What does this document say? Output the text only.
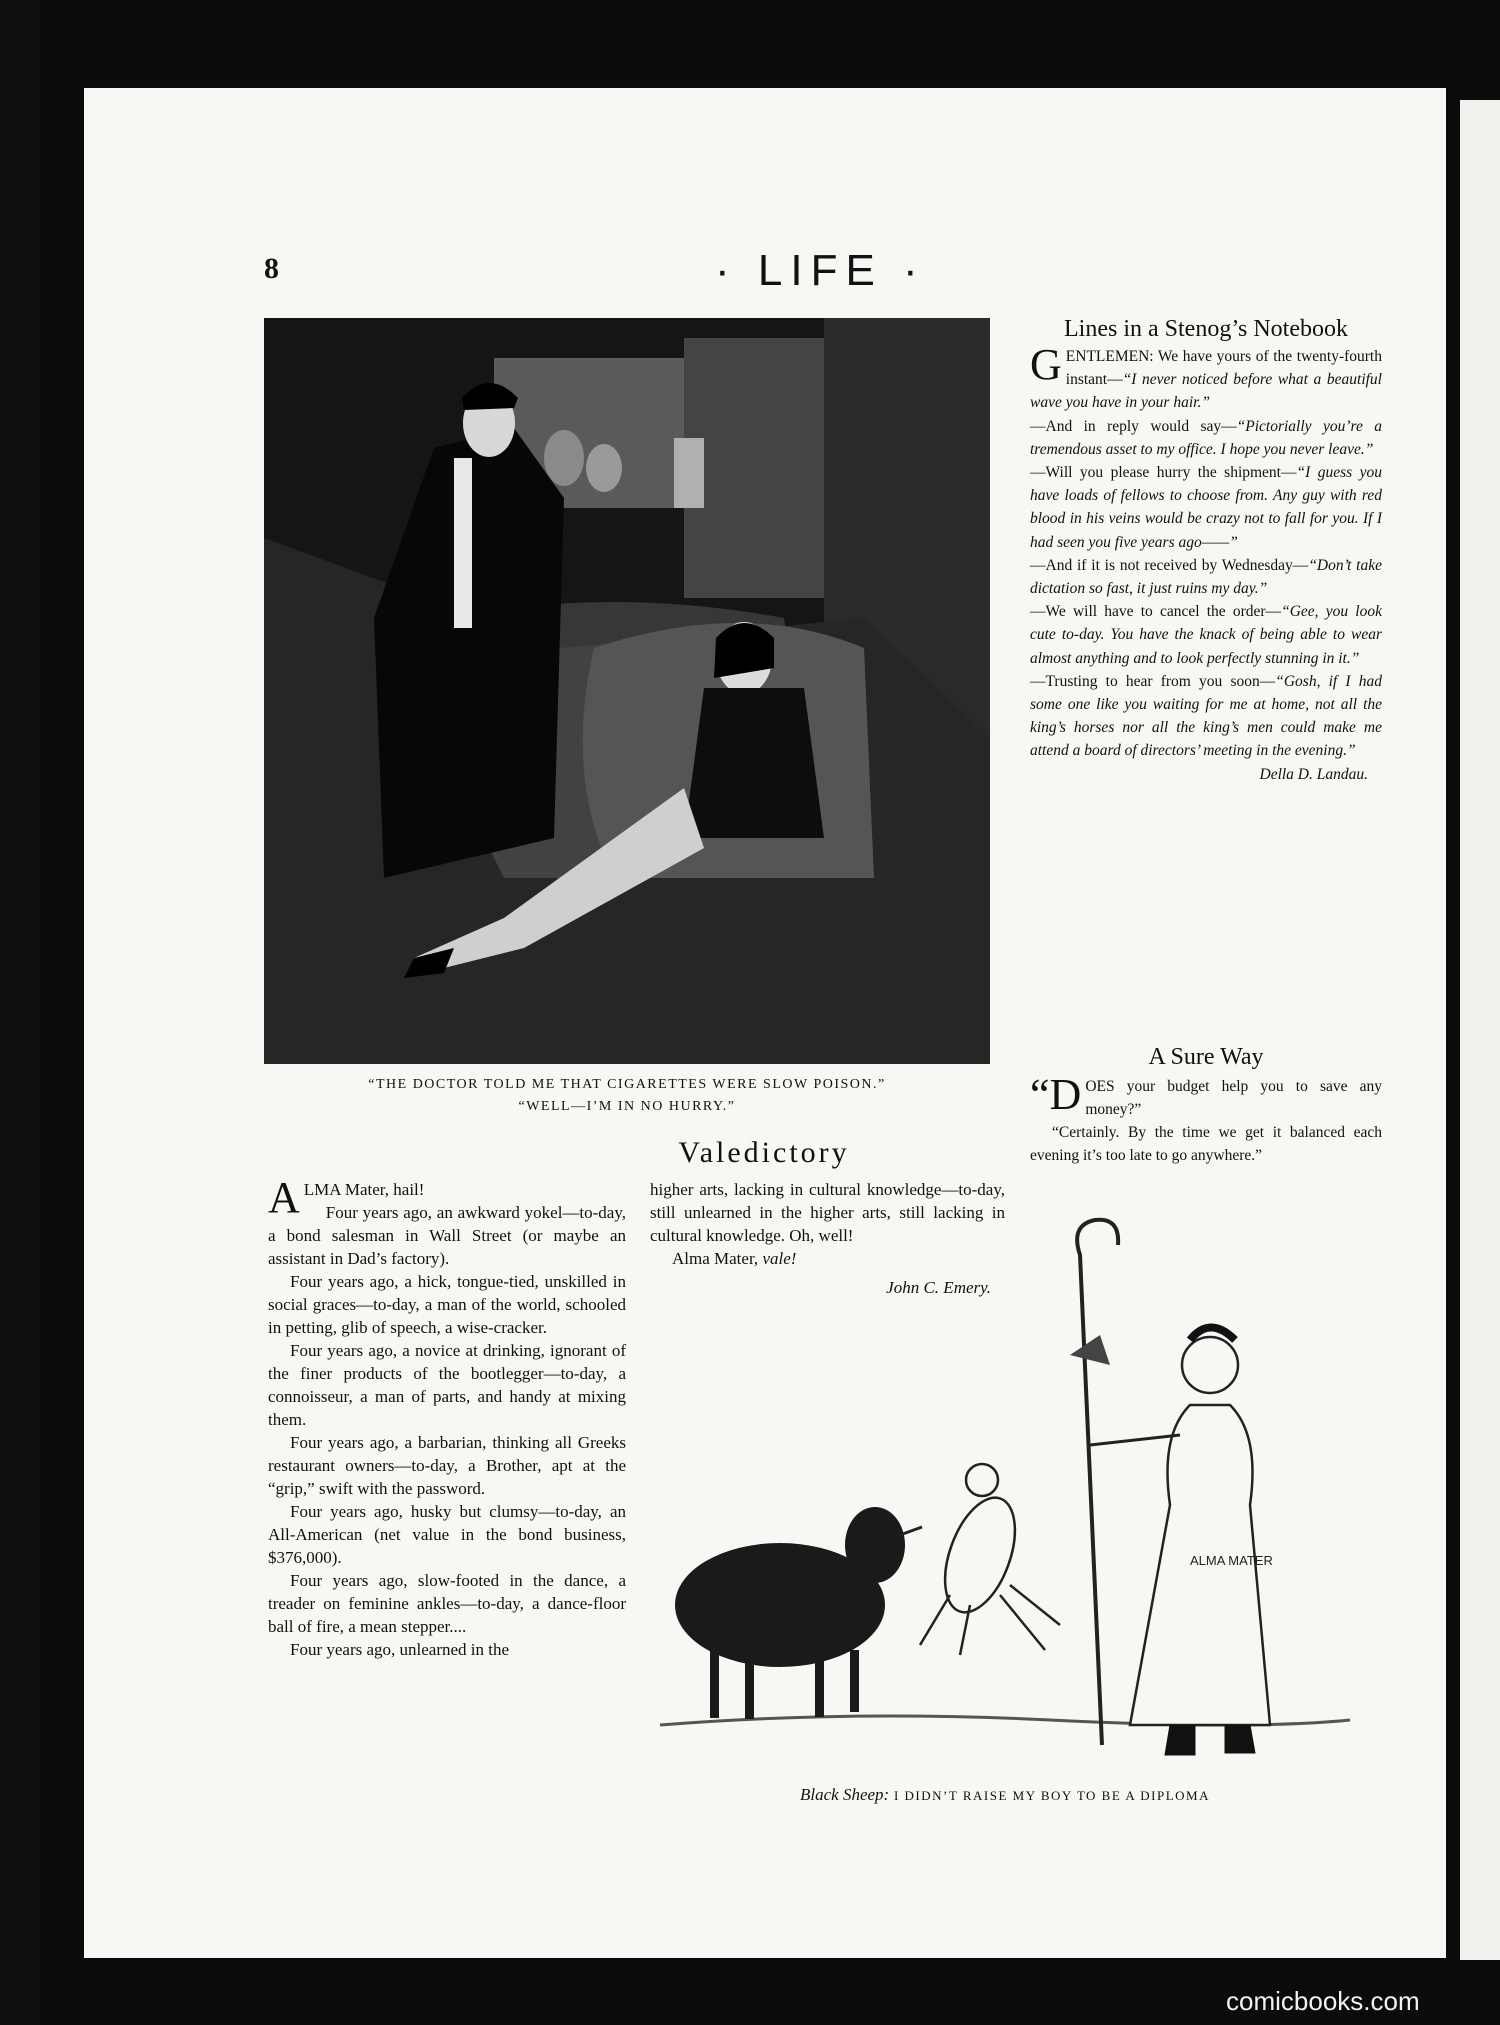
8	· LIFE ·
“THE DOCTOR TOLD ME THAT CIGARETTES WERE SLOW POISON.”
“WELL—I’M IN NO HURRY.”
Lines in a Stenog’s Notebook

GENTLEMEN: We have yours of the twenty-fourth instant—“I never noticed before what a beautiful wave you have in your hair.”

—And in reply would say—“Pictorially you’re a tremendous asset to my office. I hope you never leave.”

—Will you please hurry the shipment—“I guess you have loads of fellows to choose from. Any guy with red blood in his veins would be crazy not to fall for you. If I had seen you five years ago——”

—And if it is not received by Wednesday—“Don’t take dictation so fast, it just ruins my day.”

—We will have to cancel the order—“Gee, you look cute to-day. You have the knack of being able to wear almost anything and to look perfectly stunning in it.”

—Trusting to hear from you soon—“Gosh, if I had some one like you waiting for me at home, not all the king’s horses nor all the king’s men could make me attend a board of directors’ meeting in the evening.”

Della D. Landau.
A Sure Way

“DOES your budget help you to save any money?”

“Certainly. By the time we get it balanced each evening it’s too late to go anywhere.”

Valedictory

ALMA Mater, hail!

Four years ago, an awkward yokel—to-day, a bond salesman in Wall Street (or maybe an assistant in Dad’s factory).

Four years ago, a hick, tongue-tied, unskilled in social graces—to-day, a man of the world, schooled in petting, glib of speech, a wise-cracker.

Four years ago, a novice at drinking, ignorant of the finer products of the bootlegger—to-day, a connoisseur, a man of parts, and handy at mixing them.

Four years ago, a barbarian, thinking all Greeks restaurant owners—to-day, a Brother, apt at the “grip,” swift with the password.

Four years ago, husky but clumsy—to-day, an All-American (net value in the bond business, $376,000).

Four years ago, slow-footed in the dance, a treader on feminine ankles—to-day, a dance-floor ball of fire, a mean stepper....

Four years ago, unlearned in the

higher arts, lacking in cultural knowledge—to-day, still unlearned in the higher arts, still lacking in cultural knowledge. Oh, well!

Alma Mater, vale!

John C. Emery.
ALMA MATER
Black Sheep: I DIDN’T RAISE MY BOY TO BE A DIPLOMA
comicbooks.com
